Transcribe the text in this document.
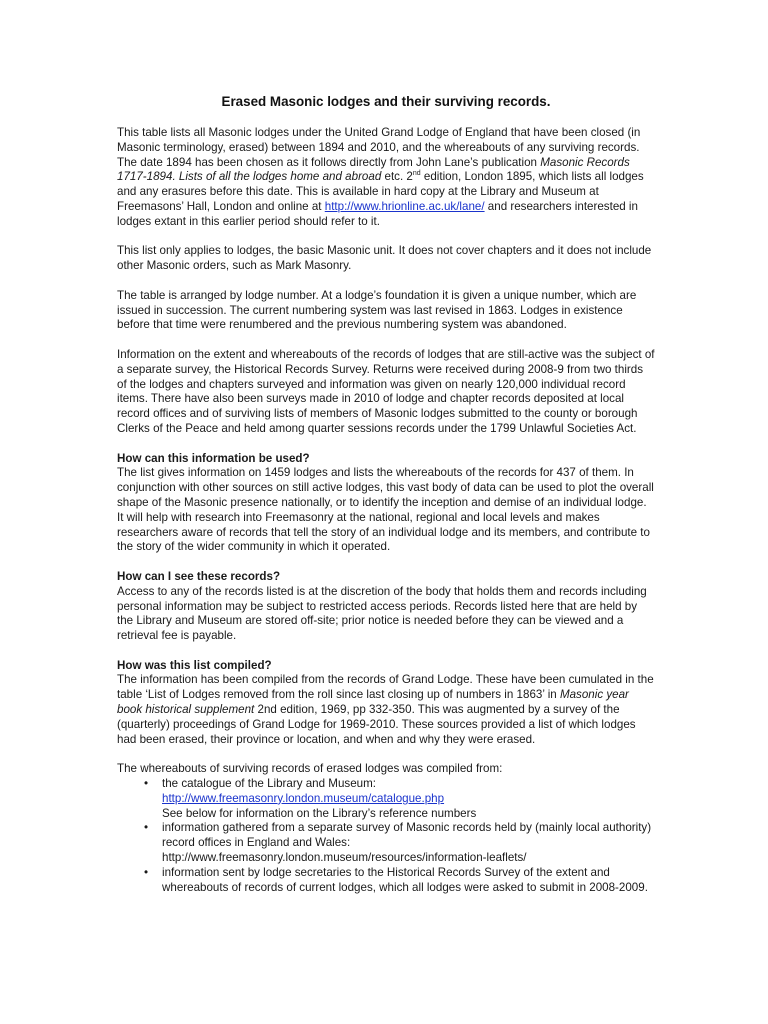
Erased Masonic lodges and their surviving records.

This table lists all Masonic lodges under the United Grand Lodge of England that have been closed (in Masonic terminology, erased) between 1894 and 2010, and the whereabouts of any surviving records. The date 1894 has been chosen as it follows directly from John Lane’s publication Masonic Records 1717-1894. Lists of all the lodges home and abroad etc. 2nd edition, London 1895, which lists all lodges and any erasures before this date. This is available in hard copy at the Library and Museum at Freemasons’ Hall, London and online at http://www.hrionline.ac.uk/lane/ and researchers interested in lodges extant in this earlier period should refer to it.

This list only applies to lodges, the basic Masonic unit. It does not cover chapters and it does not include other Masonic orders, such as Mark Masonry.

The table is arranged by lodge number. At a lodge’s foundation it is given a unique number, which are issued in succession. The current numbering system was last revised in 1863. Lodges in existence before that time were renumbered and the previous numbering system was abandoned.

Information on the extent and whereabouts of the records of lodges that are still-active was the subject of a separate survey, the Historical Records Survey. Returns were received during 2008-9 from two thirds of the lodges and chapters surveyed and information was given on nearly 120,000 individual record items. There have also been surveys made in 2010 of lodge and chapter records deposited at local record offices and of surviving lists of members of Masonic lodges submitted to the county or borough Clerks of the Peace and held among quarter sessions records under the 1799 Unlawful Societies Act.

How can this information be used?

The list gives information on 1459 lodges and lists the whereabouts of the records for 437 of them. In conjunction with other sources on still active lodges, this vast body of data can be used to plot the overall shape of the Masonic presence nationally, or to identify the inception and demise of an individual lodge. It will help with research into Freemasonry at the national, regional and local levels and makes researchers aware of records that tell the story of an individual lodge and its members, and contribute to the story of the wider community in which it operated.

How can I see these records?

Access to any of the records listed is at the discretion of the body that holds them and records including personal information may be subject to restricted access periods. Records listed here that are held by the Library and Museum are stored off-site; prior notice is needed before they can be viewed and a retrieval fee is payable.

How was this list compiled?

The information has been compiled from the records of Grand Lodge. These have been cumulated in the table ‘List of Lodges removed from the roll since last closing up of numbers in 1863’ in Masonic year book historical supplement 2nd edition, 1969, pp 332-350. This was augmented by a survey of the (quarterly) proceedings of Grand Lodge for 1969-2010. These sources provided a list of which lodges had been erased, their province or location, and when and why they were erased.

The whereabouts of surviving records of erased lodges was compiled from:

• the catalogue of the Library and Museum:
http://www.freemasonry.london.museum/catalogue.php
See below for information on the Library’s reference numbers
• information gathered from a separate survey of Masonic records held by (mainly local authority) record offices in England and Wales:
http://www.freemasonry.london.museum/resources/information-leaflets/
• information sent by lodge secretaries to the Historical Records Survey of the extent and whereabouts of records of current lodges, which all lodges were asked to submit in 2008-2009.
